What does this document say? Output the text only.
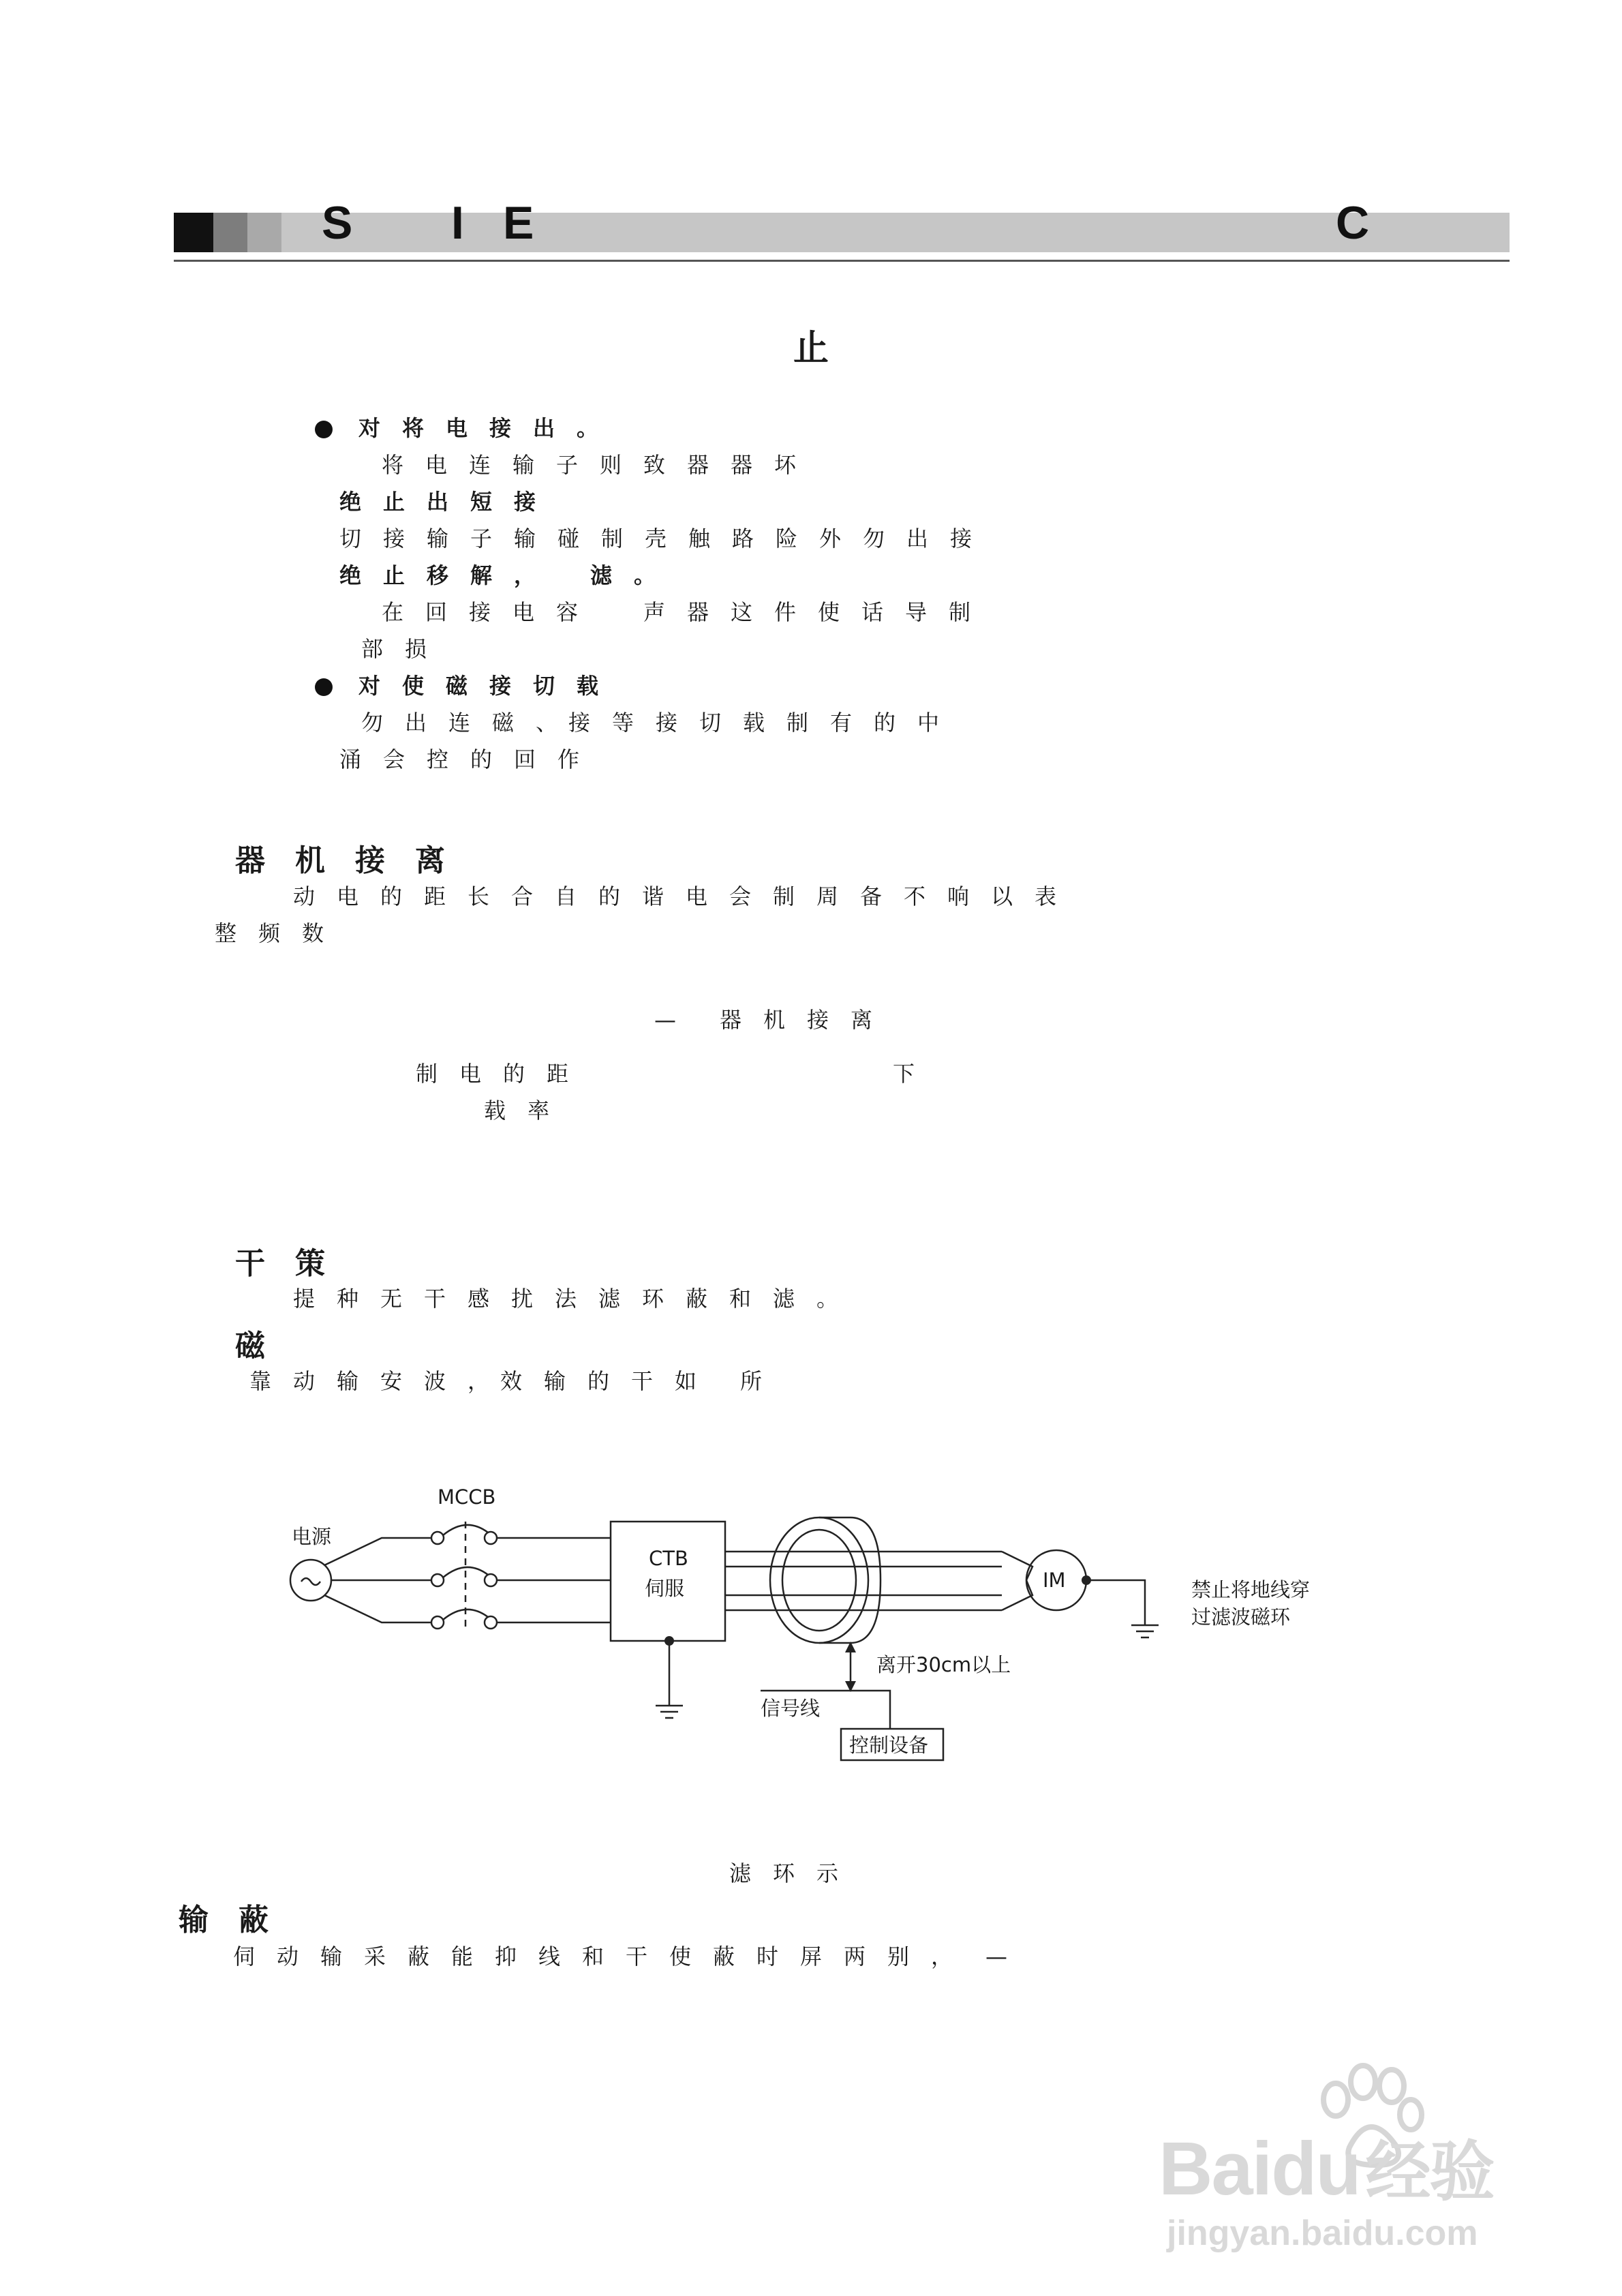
S I E	C
止
对　将　电　接　出　。
将　电　连　输　子　则　致　器　器　坏
绝　止　出　短　接
切　接　输　子　输　碰　制　壳　触　路　险　外　勿　出　接
绝　止　移　解　，　　　滤　。
在　回　接　电　容　　　声　器　这　件　使　话　导　制
部　损
对　使　磁　接　切　载
勿　出　连　磁　、　接　等　接　切　载　制　有　的　中
涌　会　控　的　回　作
器　机　接　离
动　电　的　距　长　合　自　的　谐　电　会　制　周　备　不　响　以　表
整　频　数
—　　器　机　接　离
制　电　的　距	下
载　率
干　策
提　种　无　干　感　扰　法　滤　环　蔽　和　滤　。
磁
靠　动　输　安　波　，　效　输　的　干　如　　所
电源
MCCB
CTB
伺服	IM	禁止将地线穿
过滤波磁环
离开30cm以上
信号线
控制设备
滤　环　示
输　蔽
伺　动　输　采　蔽　能　抑　线　和　干　使　蔽　时　屏　两　别　，　　—
Baidu经验
jingyan.baidu.com
